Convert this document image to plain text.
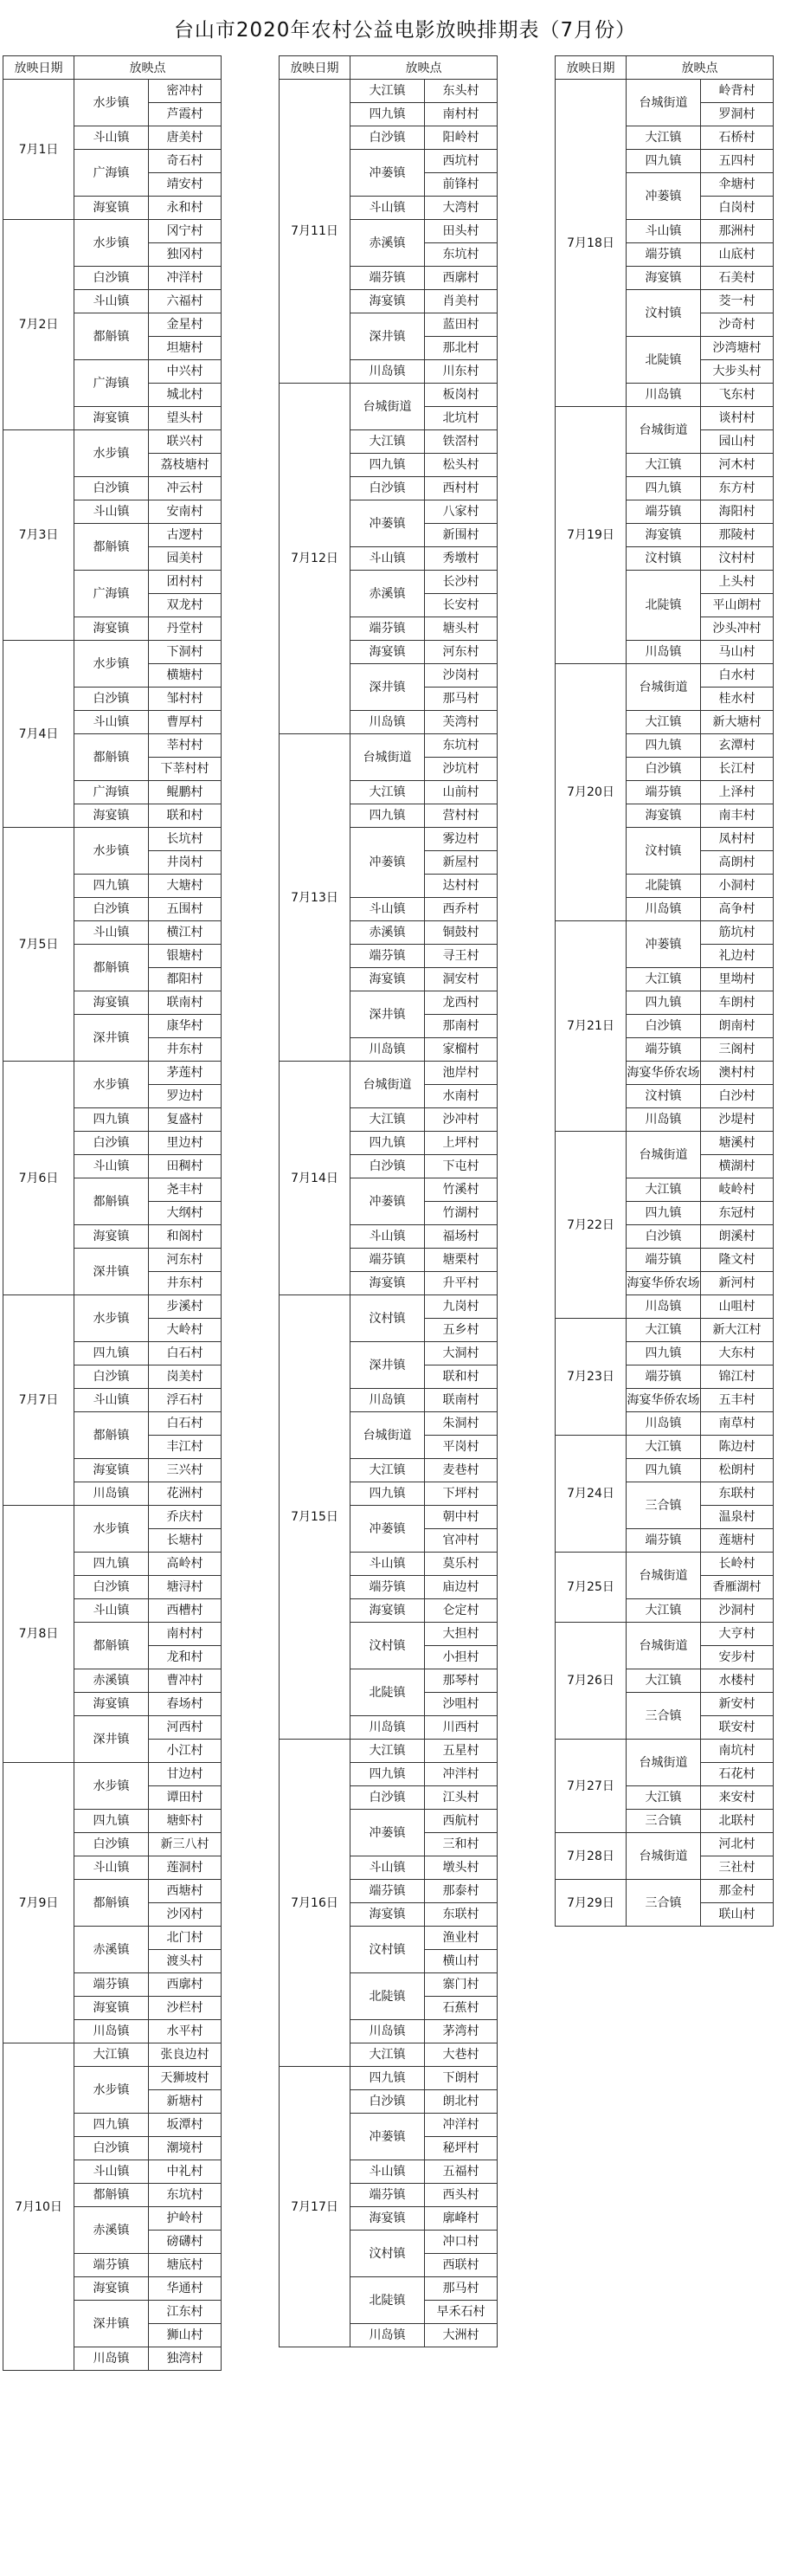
台山市2020年农村公益电影放映排期表（7月份）
放映日期	放映点	
7月1日	水步镇	密冲村
		芦霞村
	斗山镇	唐美村
	广海镇	奇石村
		靖安村
	海宴镇	永和村
7月2日	水步镇	冈宁村
		独冈村
	白沙镇	冲洋村
	斗山镇	六福村
	都斛镇	金星村
		坦塘村
	广海镇	中兴村
		城北村
	海宴镇	望头村
7月3日	水步镇	联兴村
		荔枝塘村
	白沙镇	冲云村
	斗山镇	安南村
	都斛镇	古逻村
		园美村
	广海镇	团村村
		双龙村
	海宴镇	丹堂村
7月4日	水步镇	下洞村
		横塘村
	白沙镇	邹村村
	斗山镇	曹厚村
	都斛镇	莘村村
		下莘村村
	广海镇	鲲鹏村
	海宴镇	联和村
7月5日	水步镇	长坑村
		井岗村
	四九镇	大塘村
	白沙镇	五围村
	斗山镇	横江村
	都斛镇	银塘村
		都阳村
	海宴镇	联南村
	深井镇	康华村
		井东村
7月6日	水步镇	茅莲村
		罗边村
	四九镇	复盛村
	白沙镇	里边村
	斗山镇	田稠村
	都斛镇	尧丰村
		大纲村
	海宴镇	和阁村
	深井镇	河东村
		井东村
7月7日	水步镇	步溪村
		大岭村
	四九镇	白石村
	白沙镇	岗美村
	斗山镇	浮石村
	都斛镇	白石村
		丰江村
	海宴镇	三兴村
	川岛镇	花洲村
7月8日	水步镇	乔庆村
		长塘村
	四九镇	高岭村
	白沙镇	塘浔村
	斗山镇	西槽村
	都斛镇	南村村
		龙和村
	赤溪镇	曹冲村
	海宴镇	春场村
	深井镇	河西村
		小江村
7月9日	水步镇	甘边村
		谭田村
	四九镇	塘虾村
	白沙镇	新三八村
	斗山镇	莲洞村
	都斛镇	西塘村
		沙冈村
	赤溪镇	北门村
		渡头村
	端芬镇	西廓村
	海宴镇	沙栏村
	川岛镇	水平村
7月10日	大江镇	张良边村
	水步镇	天狮坡村
		新塘村
	四九镇	坂潭村
	白沙镇	潮境村
	斗山镇	中礼村
	都斛镇	东坑村
	赤溪镇	护岭村
		磅礴村
	端芬镇	塘底村
	海宴镇	华通村
	深井镇	江东村
		狮山村
	川岛镇	独湾村
放映日期	放映点	
7月11日	大江镇	东头村
	四九镇	南村村
	白沙镇	阳岭村
	冲蒌镇	西坑村
		前锋村
	斗山镇	大湾村
	赤溪镇	田头村
		东坑村
	端芬镇	西廓村
	海宴镇	肖美村
	深井镇	蓝田村
		那北村
	川岛镇	川东村
7月12日	台城街道	板岗村
		北坑村
	大江镇	铁滘村
	四九镇	松头村
	白沙镇	西村村
	冲蒌镇	八家村
		新围村
	斗山镇	秀墩村
	赤溪镇	长沙村
		长安村
	端芬镇	塘头村
	海宴镇	河东村
	深井镇	沙岗村
		那马村
	川岛镇	芙湾村
7月13日	台城街道	东坑村
		沙坑村
	大江镇	山前村
	四九镇	营村村
	冲蒌镇	雾边村
		新屋村
		达村村
	斗山镇	西乔村
	赤溪镇	铜鼓村
	端芬镇	寻王村
	海宴镇	洞安村
	深井镇	龙西村
		那南村
	川岛镇	家榴村
7月14日	台城街道	池岸村
		水南村
	大江镇	沙冲村
	四九镇	上坪村
	白沙镇	下屯村
	冲蒌镇	竹溪村
		竹湖村
	斗山镇	福场村
	端芬镇	塘栗村
	海宴镇	升平村
7月15日	汶村镇	九岗村
		五乡村
	深井镇	大洞村
		联和村
	川岛镇	联南村
	台城街道	朱洞村
		平岗村
	大江镇	麦巷村
	四九镇	下坪村
	冲蒌镇	朝中村
		官冲村
	斗山镇	莫乐村
	端芬镇	庙边村
	海宴镇	仑定村
	汶村镇	大担村
		小担村
	北陡镇	那琴村
		沙咀村
	川岛镇	川西村
7月16日	大江镇	五星村
	四九镇	冲泮村
	白沙镇	江头村
	冲蒌镇	西航村
		三和村
	斗山镇	墩头村
	端芬镇	那泰村
	海宴镇	东联村
	汶村镇	渔业村
		横山村
	北陡镇	寨门村
		石蕉村
	川岛镇	茅湾村
	大江镇	大巷村
7月17日	四九镇	下朗村
	白沙镇	朗北村
	冲蒌镇	冲洋村
		秘坪村
	斗山镇	五福村
	端芬镇	西头村
	海宴镇	廓峰村
	汶村镇	冲口村
		西联村
	北陡镇	那马村
		早禾石村
	川岛镇	大洲村
放映日期	放映点	
7月18日	台城街道	岭背村
		罗洞村
	大江镇	石桥村
	四九镇	五四村
	冲蒌镇	伞塘村
		白岗村
	斗山镇	那洲村
	端芬镇	山底村
	海宴镇	石美村
	汶村镇	茭一村
		沙奇村
	北陡镇	沙湾塘村
		大步头村
	川岛镇	飞东村
7月19日	台城街道	谈村村
		园山村
	大江镇	河木村
	四九镇	东方村
	端芬镇	海阳村
	海宴镇	那陵村
	汶村镇	汶村村
	北陡镇	上头村
		平山朗村
		沙头冲村
	川岛镇	马山村
7月20日	台城街道	白水村
		桂水村
	大江镇	新大塘村
	四九镇	玄潭村
	白沙镇	长江村
	端芬镇	上泽村
	海宴镇	南丰村
	汶村镇	凤村村
		高朗村
	北陡镇	小洞村
	川岛镇	高争村
7月21日	冲蒌镇	筋坑村
		礼边村
	大江镇	里坳村
	四九镇	车朗村
	白沙镇	朗南村
	端芬镇	三阁村
	海宴华侨农场	澳村村
	汶村镇	白沙村
	川岛镇	沙堤村
7月22日	台城街道	塘溪村
		横湖村
	大江镇	岐岭村
	四九镇	东冠村
	白沙镇	朗溪村
	端芬镇	隆文村
	海宴华侨农场	新河村
	川岛镇	山咀村
7月23日	大江镇	新大江村
	四九镇	大东村
	端芬镇	锦江村
	海宴华侨农场	五丰村
	川岛镇	南草村
7月24日	大江镇	陈边村
	四九镇	松朗村
	三合镇	东联村
		温泉村
	端芬镇	莲塘村
7月25日	台城街道	长岭村
		香雁湖村
	大江镇	沙洞村
7月26日	台城街道	大亨村
		安步村
	大江镇	水楼村
	三合镇	新安村
		联安村
7月27日	台城街道	南坑村
		石花村
	大江镇	来安村
	三合镇	北联村
7月28日	台城街道	河北村
		三社村
7月29日	三合镇	那金村
		联山村
